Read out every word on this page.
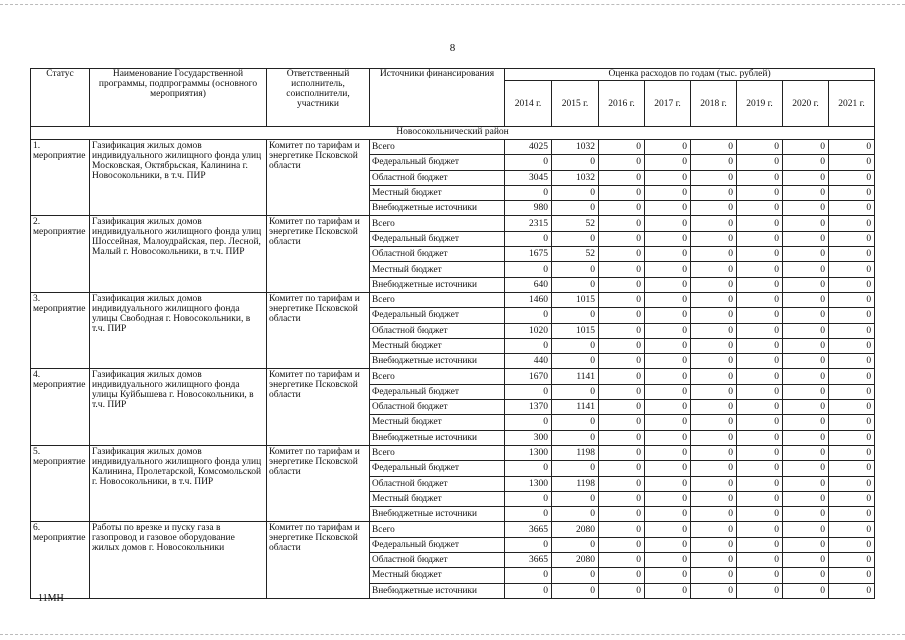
8
Статус	Наименование Государственной программы, подпрограммы (основного мероприятия)	Ответственный исполнитель, соисполнители, участники	Источники финансирования	Оценка расходов по годам (тыс. рублей)							
				2014 г.	2015 г.	2016 г.	2017 г.	2018 г.	2019 г.	2020 г.	2021 г.
Новосокольнический район											
1. мероприятие	Газификация жилых домов индивидуального жилищного фонда улиц Московская, Октябрьская, Калинина г. Новосокольники, в т.ч. ПИР	Комитет по тарифам и энергетике Псковской области	Всего	4025	1032	0	0	0	0	0	0
			Федеральный бюджет	0	0	0	0	0	0	0	0
			Областной бюджет	3045	1032	0	0	0	0	0	0
			Местный бюджет	0	0	0	0	0	0	0	0
			Внебюджетные источники	980	0	0	0	0	0	0	0
2. мероприятие	Газификация жилых домов индивидуального жилищного фонда улиц Шоссейная, Малоудрайская, пер. Лесной, Малый г. Новосокольники, в т.ч. ПИР	Комитет по тарифам и энергетике Псковской области	Всего	2315	52	0	0	0	0	0	0
			Федеральный бюджет	0	0	0	0	0	0	0	0
			Областной бюджет	1675	52	0	0	0	0	0	0
			Местный бюджет	0	0	0	0	0	0	0	0
			Внебюджетные источники	640	0	0	0	0	0	0	0
3. мероприятие	Газификация жилых домов индивидуального жилищного фонда улицы Свободная г. Новосокольники, в т.ч. ПИР	Комитет по тарифам и энергетике Псковской области	Всего	1460	1015	0	0	0	0	0	0
			Федеральный бюджет	0	0	0	0	0	0	0	0
			Областной бюджет	1020	1015	0	0	0	0	0	0
			Местный бюджет	0	0	0	0	0	0	0	0
			Внебюджетные источники	440	0	0	0	0	0	0	0
4. мероприятие	Газификация жилых домов индивидуального жилищного фонда улицы Куйбышева г. Новосокольники, в т.ч. ПИР	Комитет по тарифам и энергетике Псковской области	Всего	1670	1141	0	0	0	0	0	0
			Федеральный бюджет	0	0	0	0	0	0	0	0
			Областной бюджет	1370	1141	0	0	0	0	0	0
			Местный бюджет	0	0	0	0	0	0	0	0
			Внебюджетные источники	300	0	0	0	0	0	0	0
5. мероприятие	Газификация жилых домов индивидуального жилищного фонда улиц Калинина, Пролетарской, Комсомольской г. Новосокольники, в т.ч. ПИР	Комитет по тарифам и энергетике Псковской области	Всего	1300	1198	0	0	0	0	0	0
			Федеральный бюджет	0	0	0	0	0	0	0	0
			Областной бюджет	1300	1198	0	0	0	0	0	0
			Местный бюджет	0	0	0	0	0	0	0	0
			Внебюджетные источники	0	0	0	0	0	0	0	0
6. мероприятие	Работы по врезке и пуску газа в газопровод и газовое оборудование жилых домов г. Новосокольники	Комитет по тарифам и энергетике Псковской области	Всего	3665	2080	0	0	0	0	0	0
			Федеральный бюджет	0	0	0	0	0	0	0	0
			Областной бюджет	3665	2080	0	0	0	0	0	0
			Местный бюджет	0	0	0	0	0	0	0	0
			Внебюджетные источники	0	0	0	0	0	0	0	0
11МН
